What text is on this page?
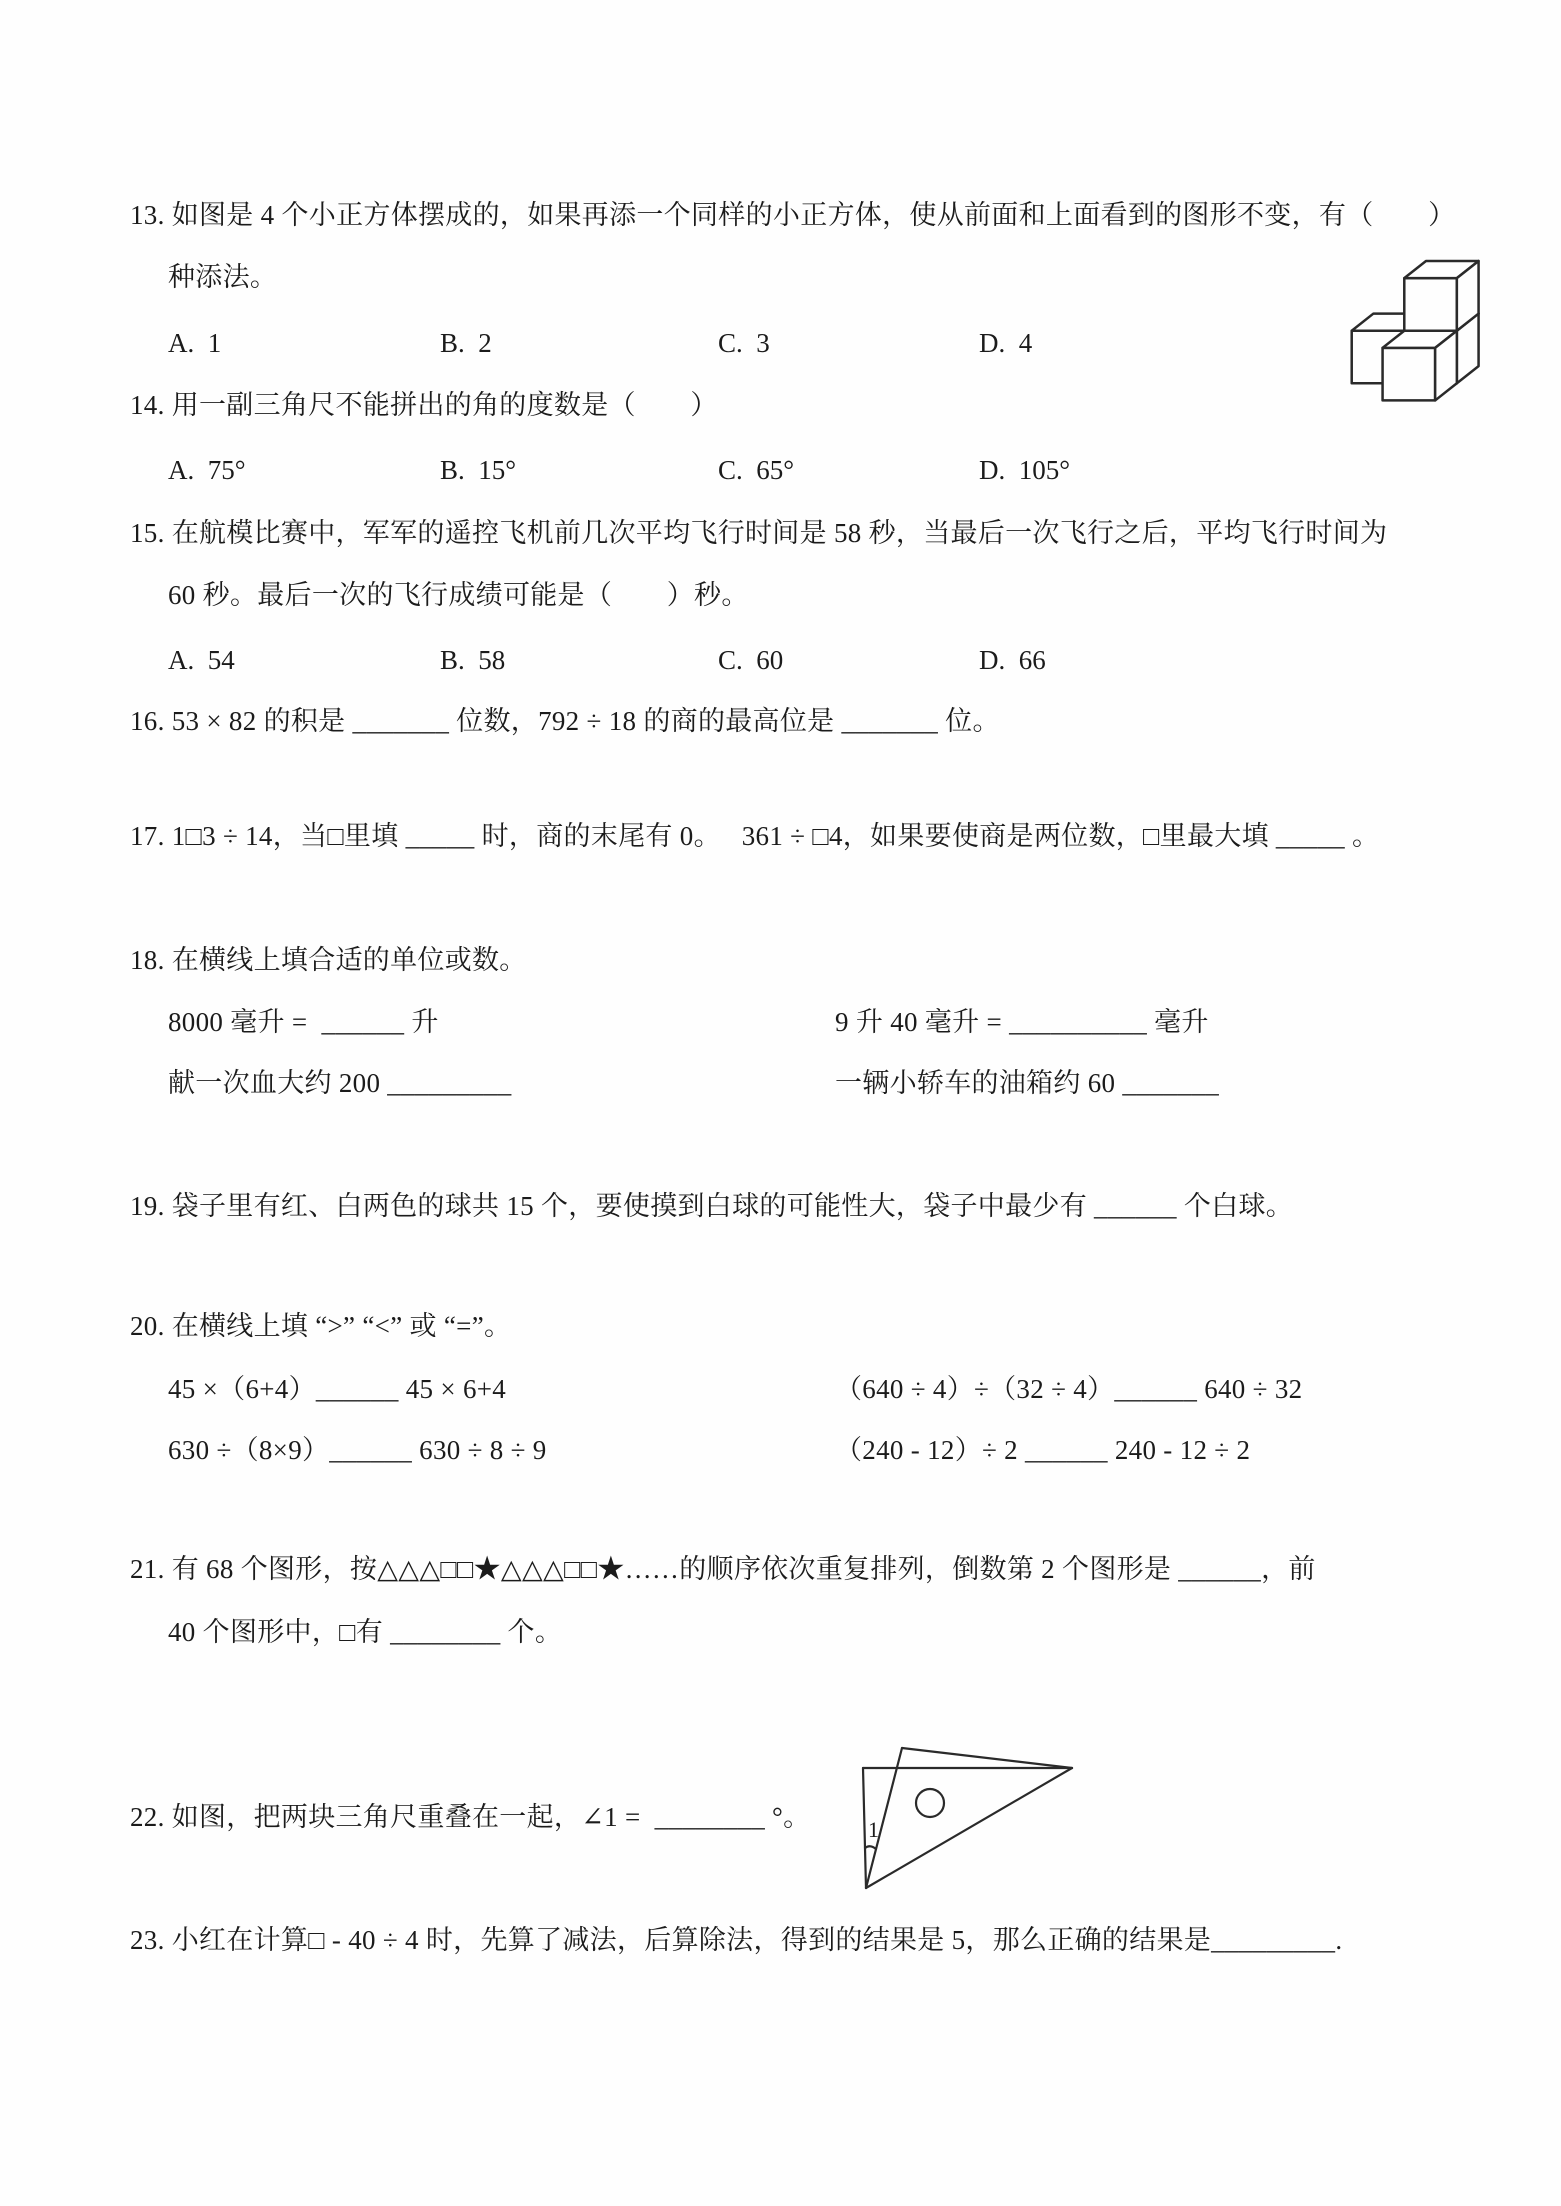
13. 如图是 4 个小正方体摆成的，如果再添一个同样的小正方体，使从前面和上面看到的图形不变，有（　　）
种添法。
A.  1	B.  2	C.  3	D.  4
14. 用一副三角尺不能拼出的角的度数是（　　）
A.  75°	B.  15°	C.  65°	D.  105°
15. 在航模比赛中，军军的遥控飞机前几次平均飞行时间是 58 秒，当最后一次飞行之后，平均飞行时间为
60 秒。最后一次的飞行成绩可能是（　　）秒。
A.  54	B.  58	C.  60	D.  66
16. 53 × 82 的积是 _______ 位数，792 ÷ 18 的商的最高位是 _______ 位。
17. 1□3 ÷ 14，当□里填 _____ 时，商的末尾有 0。　 361 ÷ □4，如果要使商是两位数，□里最大填 _____ 。
18. 在横线上填合适的单位或数。
8000 毫升 =  ______ 升	9 升 40 毫升 = __________ 毫升
献一次血大约 200 _________	一辆小轿车的油箱约 60 _______
19. 袋子里有红、白两色的球共 15 个，要使摸到白球的可能性大，袋子中最少有 ______ 个白球。
20. 在横线上填 “>” “<” 或 “=”。
45 ×（6+4）______ 45 × 6+4	（640 ÷ 4）÷（32 ÷ 4）______ 640 ÷ 32
630 ÷（8×9）______ 630 ÷ 8 ÷ 9	（240 - 12）÷ 2 ______ 240 - 12 ÷ 2
21. 有 68 个图形，按△△△□□★△△△□□★……的顺序依次重复排列，倒数第 2 个图形是 ______，前
40 个图形中，□有 ________ 个。
22. 如图，把两块三角尺重叠在一起，∠1 =  ________ °。	1
23. 小红在计算□ - 40 ÷ 4 时，先算了减法，后算除法，得到的结果是 5，那么正确的结果是_________.
